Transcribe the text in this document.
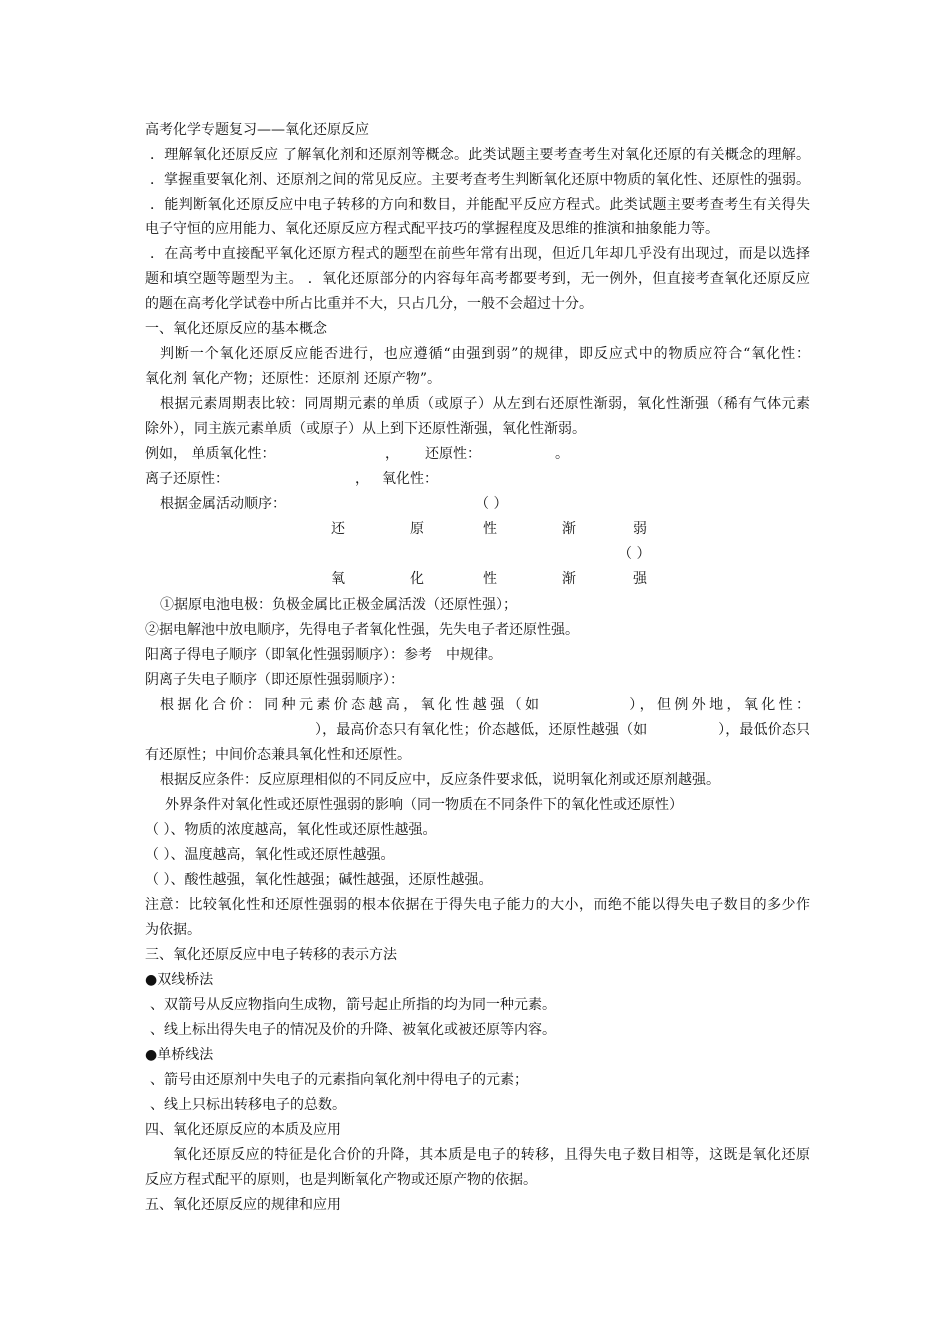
高考化学专题复习——氧化还原反应
．理解氧化还原反应 了解氧化剂和还原剂等概念。此类试题主要考查考生对氧化还原的有关概念的理解。
．掌握重要氧化剂、还原剂之间的常见反应。主要考查考生判断氧化还原中物质的氧化性、还原性的强弱。
．能判断氧化还原反应中电子转移的方向和数目，并能配平反应方程式。此类试题主要考查考生有关得失
电子守恒的应用能力、氧化还原反应方程式配平技巧的掌握程度及思维的推演和抽象能力等。
．在高考中直接配平氧化还原方程式的题型在前些年常有出现，但近几年却几乎没有出现过，而是以选择
题和填空题等题型为主。 ．氧化还原部分的内容每年高考都要考到，无一例外，但直接考查氧化还原反应
的题在高考化学试卷中所占比重并不大，只占几分，一般不会超过十分。
一、氧化还原反应的基本概念
判断一个氧化还原反应能否进行，也应遵循“由强到弱”的规律，即反应式中的物质应符合“氧化性：
氧化剂 氧化产物；还原性：还原剂 还原产物”。
根据元素周期表比较：同周期元素的单质（或原子）从左到右还原性渐弱，氧化性渐强（稀有气体元素
除外），同主族元素单质（或原子）从上到下还原性渐强，氧化性渐弱。
例如， 单质氧化性：	， 还原性：	。
离子还原性：	， 氧化性：
根据金属活动顺序：	（ ）
还	原	性	渐	弱
（ ）
氧	化	性	渐	强
①据原电池电极：负极金属比正极金属活泼（还原性强）；
②据电解池中放电顺序，先得电子者氧化性强，先失电子者还原性强。
阳离子得电子顺序（即氧化性强弱顺序）：参考　中规律。
阴离子失电子顺序（即还原性强弱顺序）：
根据化合价：同种元素价态越高，氧化性越强（如　　　　　），但例外地，氧化性：
），最高价态只有氧化性；价态越低，还原性越强（如　　　　　），最低价态只
有还原性；中间价态兼具氧化性和还原性。
根据反应条件：反应原理相似的不同反应中，反应条件要求低，说明氧化剂或还原剂越强。
外界条件对氧化性或还原性强弱的影响（同一物质在不同条件下的氧化性或还原性）
（ ）、物质的浓度越高，氧化性或还原性越强。
（ ）、温度越高，氧化性或还原性越强。
（ ）、酸性越强，氧化性越强；碱性越强，还原性越强。
注意：比较氧化性和还原性强弱的根本依据在于得失电子能力的大小，而绝不能以得失电子数目的多少作
为依据。
三、氧化还原反应中电子转移的表示方法
●双线桥法
、双箭号从反应物指向生成物，箭号起止所指的均为同一种元素。
、线上标出得失电子的情况及价的升降、被氧化或被还原等内容。
●单桥线法
、箭号由还原剂中失电子的元素指向氧化剂中得电子的元素；
、线上只标出转移电子的总数。
四、氧化还原反应的本质及应用
氧化还原反应的特征是化合价的升降，其本质是电子的转移，且得失电子数目相等，这既是氧化还原
反应方程式配平的原则，也是判断氧化产物或还原产物的依据。
五、氧化还原反应的规律和应用
